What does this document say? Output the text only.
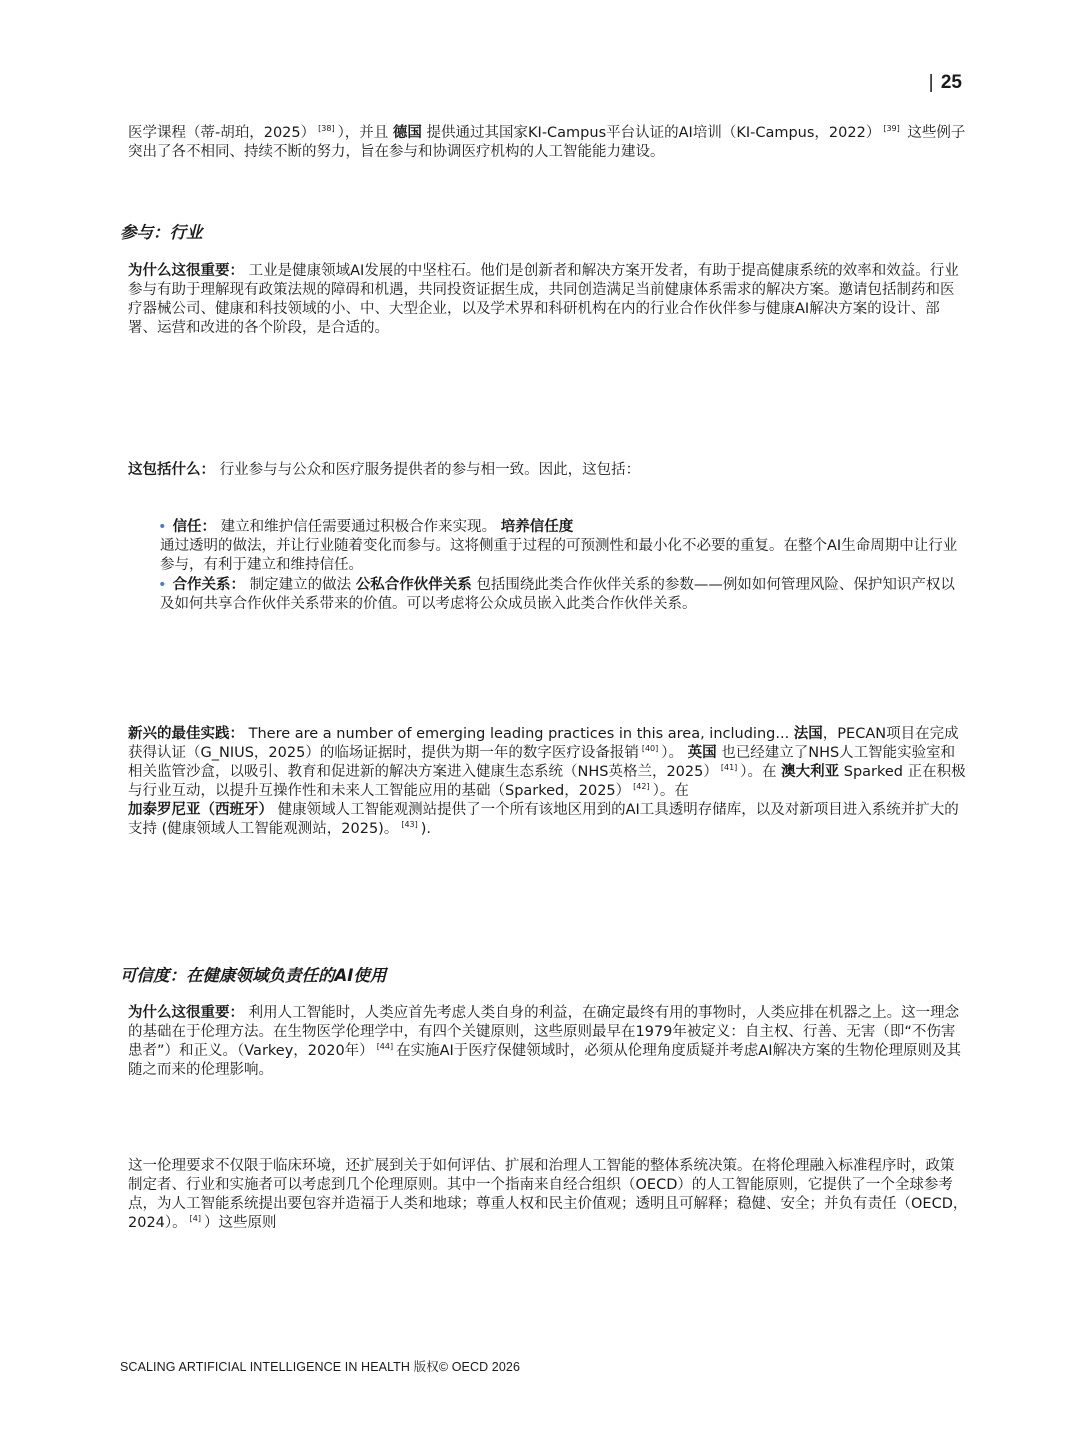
| 25

医学课程（蒂-胡珀，2025） [38] ），并且 德国 提供通过其国家KI-Campus平台认证的AI培训（KI-Campus，2022） [39] 这些例子突出了各不相同、持续不断的努力，旨在参与和协调医疗机构的人工智能能力建设。

参与：行业

为什么这很重要： 工业是健康领域AI发展的中坚柱石。他们是创新者和解决方案开发者，有助于提高健康系统的效率和效益。行业参与有助于理解现有政策法规的障碍和机遇，共同投资证据生成，共同创造满足当前健康体系需求的解决方案。邀请包括制药和医疗器械公司、健康和科技领域的小、中、大型企业，以及学术界和科研机构在内的行业合作伙伴参与健康AI解决方案的设计、部署、运营和改进的各个阶段，是合适的。

这包括什么： 行业参与与公众和医疗服务提供者的参与相一致。因此，这包括：

• 信任： 建立和维护信任需要通过积极合作来实现。 培养信任度
通过透明的做法，并让行业随着变化而参与。这将侧重于过程的可预测性和最小化不必要的重复。在整个AI生命周期中让行业参与，有利于建立和维持信任。

• 合作关系： 制定建立的做法 公私合作伙伴关系 包括围绕此类合作伙伴关系的参数——例如如何管理风险、保护知识产权以及如何共享合作伙伴关系带来的价值。可以考虑将公众成员嵌入此类合作伙伴关系。

新兴的最佳实践： There are a number of emerging leading practices in this area, including... 法国，PECAN项目在完成获得认证（G_NIUS，2025）的临场证据时，提供为期一年的数字医疗设备报销 [40] ）。 英国 也已经建立了NHS人工智能实验室和相关监管沙盒，以吸引、教育和促进新的解决方案进入健康生态系统（NHS英格兰，2025） [41] ）。在 澳大利亚 Sparked 正在积极与行业互动，以提升互操作性和未来人工智能应用的基础（Sparked，2025） [42] ）。在
加泰罗尼亚（西班牙） 健康领域人工智能观测站提供了一个所有该地区用到的AI工具透明存储库，以及对新项目进入系统并扩大的支持 (健康领域人工智能观测站，2025)。 [43] ).

可信度：在健康领域负责任的AI使用

为什么这很重要： 利用人工智能时，人类应首先考虑人类自身的利益，在确定最终有用的事物时，人类应排在机器之上。这一理念的基础在于伦理方法。在生物医学伦理学中，有四个关键原则，这些原则最早在1979年被定义：自主权、行善、无害（即“不伤害患者”）和正义。（Varkey，2020年） [44] 在实施AI于医疗保健领域时，必须从伦理角度质疑并考虑AI解决方案的生物伦理原则及其随之而来的伦理影响。

这一伦理要求不仅限于临床环境，还扩展到关于如何评估、扩展和治理人工智能的整体系统决策。在将伦理融入标准程序时，政策制定者、行业和实施者可以考虑到几个伦理原则。其中一个指南来自经合组织（OECD）的人工智能原则，它提供了一个全球参考点，为人工智能系统提出要包容并造福于人类和地球；尊重人权和民主价值观；透明且可解释；稳健、安全；并负有责任（OECD，2024）。 [4] ）这些原则

SCALING ARTIFICIAL INTELLIGENCE IN HEALTH 版权© OECD 2026
